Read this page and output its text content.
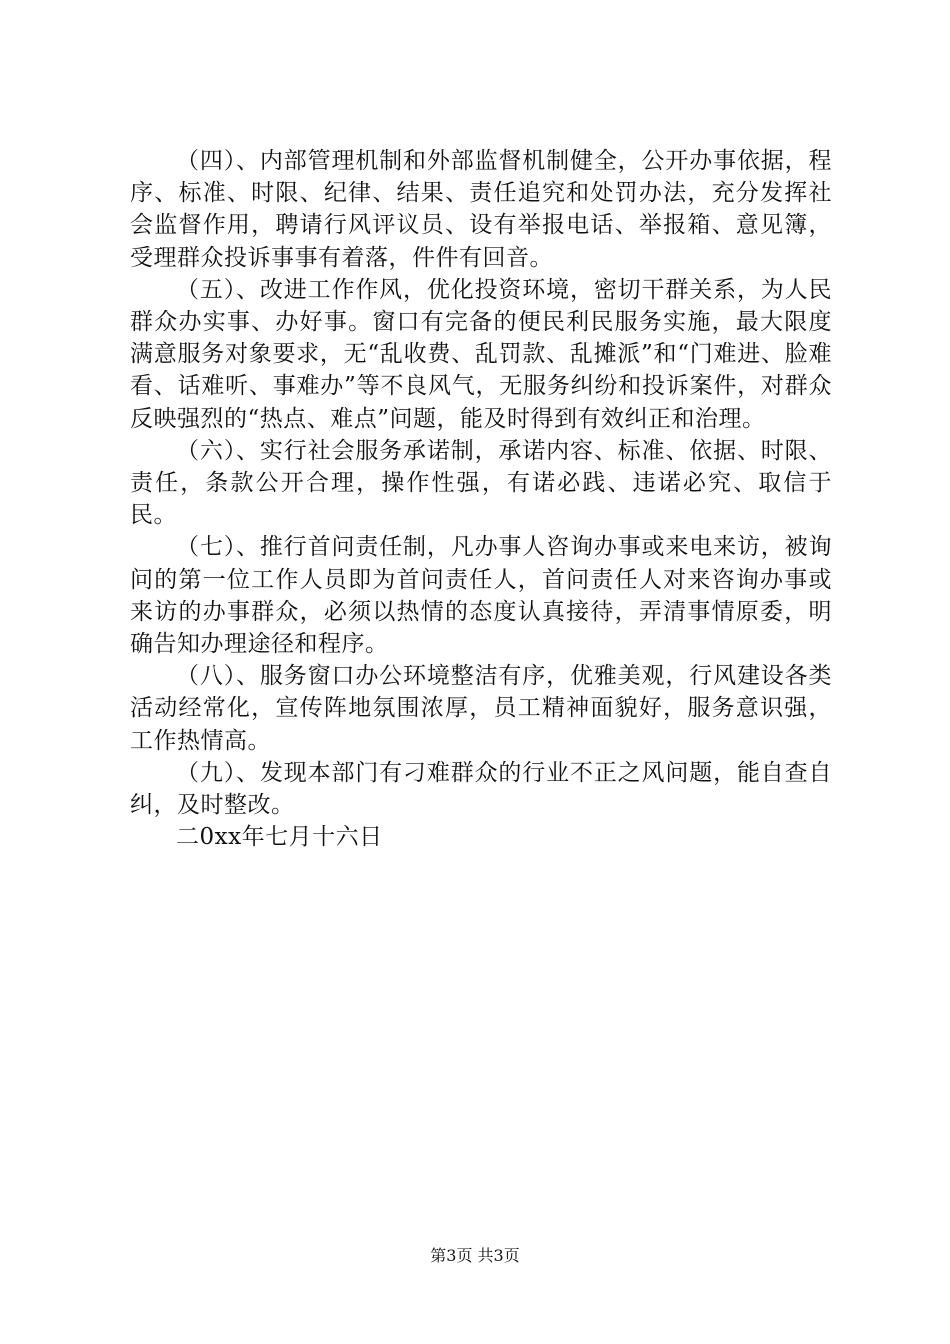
（四）、内部管理机制和外部监督机制健全，公开办事依据，程序、标准、时限、纪律、结果、责任追究和处罚办法，充分发挥社会监督作用，聘请行风评议员、设有举报电话、举报箱、意见簿，受理群众投诉事事有着落，件件有回音。

（五）、改进工作作风，优化投资环境，密切干群关系，为人民群众办实事、办好事。窗口有完备的便民利民服务实施，最大限度满意服务对象要求，无“乱收费、乱罚款、乱摊派”和“门难进、脸难看、话难听、事难办”等不良风气，无服务纠纷和投诉案件，对群众反映强烈的“热点、难点”问题，能及时得到有效纠正和治理。

（六）、实行社会服务承诺制，承诺内容、标准、依据、时限、责任，条款公开合理，操作性强，有诺必践、违诺必究、取信于民。

（七）、推行首问责任制，凡办事人咨询办事或来电来访，被询问的第一位工作人员即为首问责任人，首问责任人对来咨询办事或来访的办事群众，必须以热情的态度认真接待，弄清事情原委，明确告知办理途径和程序。

（八）、服务窗口办公环境整洁有序，优雅美观，行风建设各类活动经常化，宣传阵地氛围浓厚，员工精神面貌好，服务意识强，工作热情高。

（九）、发现本部门有刁难群众的行业不正之风问题，能自查自纠，及时整改。

二0xx年七月十六日

第3页 共3页
